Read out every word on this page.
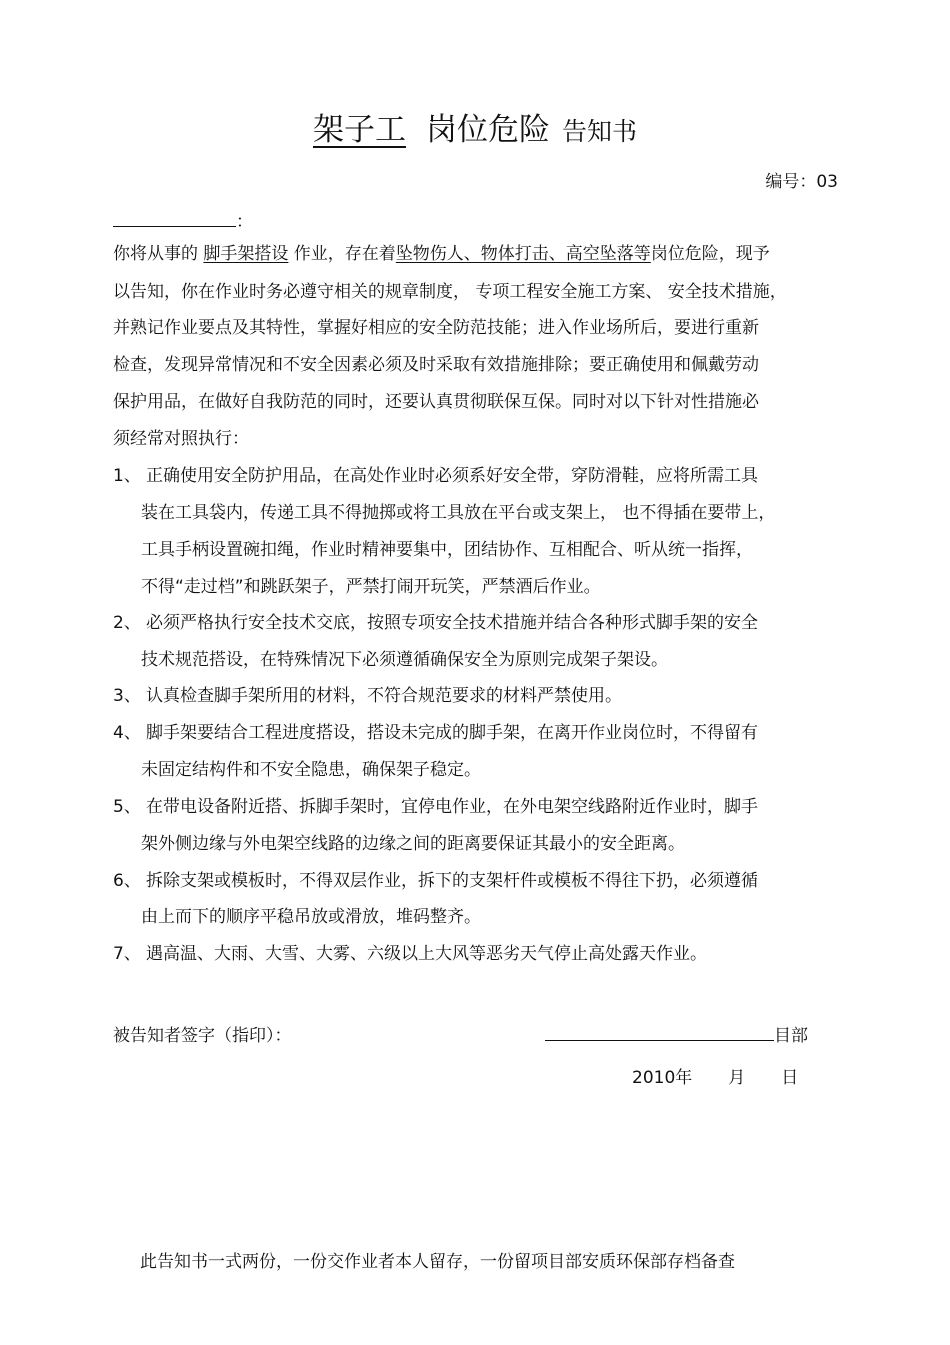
架子工 岗位危险 告知书
编号：03
：
你将从事的 脚手架搭设 作业，存在着坠物伤人、物体打击、高空坠落等岗位危险，现予
以告知，你在作业时务必遵守相关的规章制度， 专项工程安全施工方案、 安全技术措施，
并熟记作业要点及其特性，掌握好相应的安全防范技能；进入作业场所后，要进行重新
检查，发现异常情况和不安全因素必须及时采取有效措施排除；要正确使用和佩戴劳动
保护用品，在做好自我防范的同时，还要认真贯彻联保互保。同时对以下针对性措施必
须经常对照执行：
1、 正确使用安全防护用品，在高处作业时必须系好安全带，穿防滑鞋，应将所需工具
装在工具袋内，传递工具不得抛掷或将工具放在平台或支架上， 也不得插在要带上，
工具手柄设置碗扣绳，作业时精神要集中，团结协作、互相配合、听从统一指挥，
不得“走过档”和跳跃架子，严禁打闹开玩笑，严禁酒后作业。
2、 必须严格执行安全技术交底，按照专项安全技术措施并结合各种形式脚手架的安全
技术规范搭设，在特殊情况下必须遵循确保安全为原则完成架子架设。
3、 认真检查脚手架所用的材料，不符合规范要求的材料严禁使用。
4、 脚手架要结合工程进度搭设，搭设未完成的脚手架，在离开作业岗位时，不得留有
未固定结构件和不安全隐患，确保架子稳定。
5、 在带电设备附近搭、拆脚手架时，宜停电作业，在外电架空线路附近作业时，脚手
架外侧边缘与外电架空线路的边缘之间的距离要保证其最小的安全距离。
6、 拆除支架或模板时，不得双层作业，拆下的支架杆件或模板不得往下扔，必须遵循
由上而下的顺序平稳吊放或滑放，堆码整齐。
7、 遇高温、大雨、大雪、大雾、六级以上大风等恶劣天气停止高处露天作业。
被告知者签字（指印）：	目部
2010年 月 日
此告知书一式两份，一份交作业者本人留存，一份留项目部安质环保部存档备查
